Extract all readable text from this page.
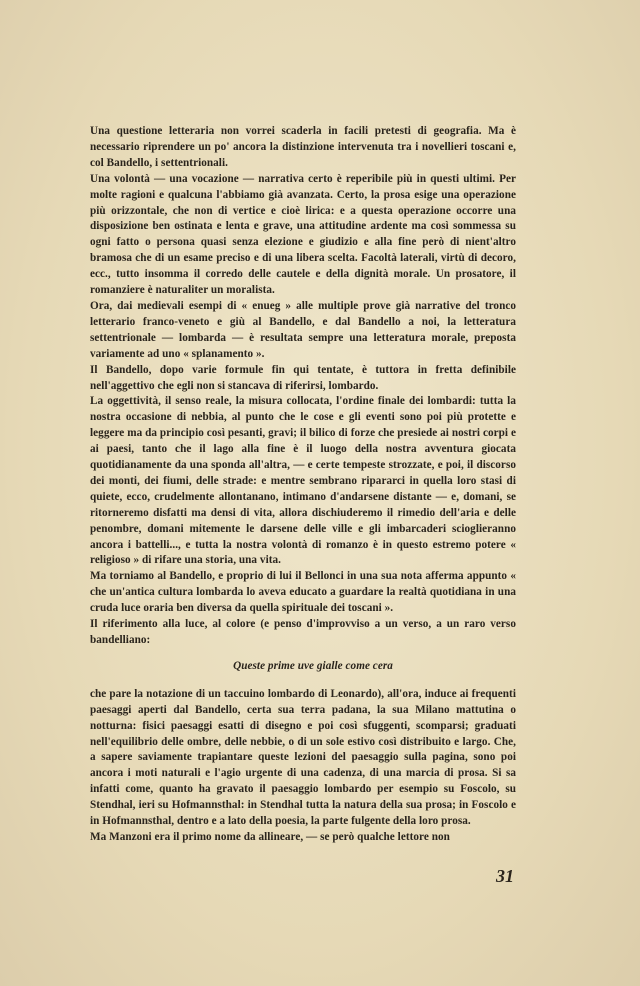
Una questione letteraria non vorrei scaderla in facili pretesti di geografia. Ma è necessario riprendere un po' ancora la distinzione intervenuta tra i novellieri toscani e, col Bandello, i settentrionali.

Una volontà — una vocazione — narrativa certo è reperibile più in questi ultimi. Per molte ragioni e qualcuna l'abbiamo già avanzata. Certo, la prosa esige una operazione più orizzontale, che non di vertice e cioè lirica: e a questa operazione occorre una disposizione ben ostinata e lenta e grave, una attitudine ardente ma così sommessa su ogni fatto o persona quasi senza elezione e giudizio e alla fine però di nient'altro bramosa che di un esame preciso e di una libera scelta. Facoltà laterali, virtù di decoro, ecc., tutto insomma il corredo delle cautele e della dignità morale. Un prosatore, il romanziere è naturaliter un moralista.

Ora, dai medievali esempi di « enueg » alle multiple prove già narrative del tronco letterario franco-veneto e giù al Bandello, e dal Bandello a noi, la letteratura settentrionale — lombarda — è resultata sempre una letteratura morale, preposta variamente ad uno « splanamento ».

Il Bandello, dopo varie formule fin qui tentate, è tuttora in fretta definibile nell'aggettivo che egli non si stancava di riferirsi, lombardo.

La oggettività, il senso reale, la misura collocata, l'ordine finale dei lombardi: tutta la nostra occasione di nebbia, al punto che le cose e gli eventi sono poi più protette e leggere ma da principio così pesanti, gravi; il bilico di forze che presiede ai nostri corpi e ai paesi, tanto che il lago alla fine è il luogo della nostra avventura giocata quotidianamente da una sponda all'altra, — e certe tempeste strozzate, e poi, il discorso dei monti, dei fiumi, delle strade: e mentre sembrano ripararci in quella loro stasi di quiete, ecco, crudelmente allontanano, intimano d'andarsene distante — e, domani, se ritorneremo disfatti ma densi di vita, allora dischiuderemo il rimedio dell'aria e delle penombre, domani mitemente le darsene delle ville e gli imbarcaderi scioglieranno ancora i battelli..., e tutta la nostra volontà di romanzo è in questo estremo potere « religioso » di rifare una storia, una vita.

Ma torniamo al Bandello, e proprio di lui il Bellonci in una sua nota afferma appunto « che un'antica cultura lombarda lo aveva educato a guardare la realtà quotidiana in una cruda luce oraria ben diversa da quella spirituale dei toscani ».

Il riferimento alla luce, al colore (e penso d'improvviso a un verso, a un raro verso bandelliano:

Queste prime uve gialle come cera

che pare la notazione di un taccuino lombardo di Leonardo), all'ora, induce ai frequenti paesaggi aperti dal Bandello, certa sua terra padana, la sua Milano mattutina o notturna: fisici paesaggi esatti di disegno e poi così sfuggenti, scomparsi; graduati nell'equilibrio delle ombre, delle nebbie, o di un sole estivo così distribuito e largo. Che, a sapere saviamente trapiantare queste lezioni del paesaggio sulla pagina, sono poi ancora i moti naturali e l'agio urgente di una cadenza, di una marcia di prosa. Si sa infatti come, quanto ha gravato il paesaggio lombardo per esempio su Foscolo, su Stendhal, ieri su Hofmannsthal: in Stendhal tutta la natura della sua prosa; in Foscolo e in Hofmannsthal, dentro e a lato della poesia, la parte fulgente della loro prosa.

Ma Manzoni era il primo nome da allineare, — se però qualche lettore non

31
